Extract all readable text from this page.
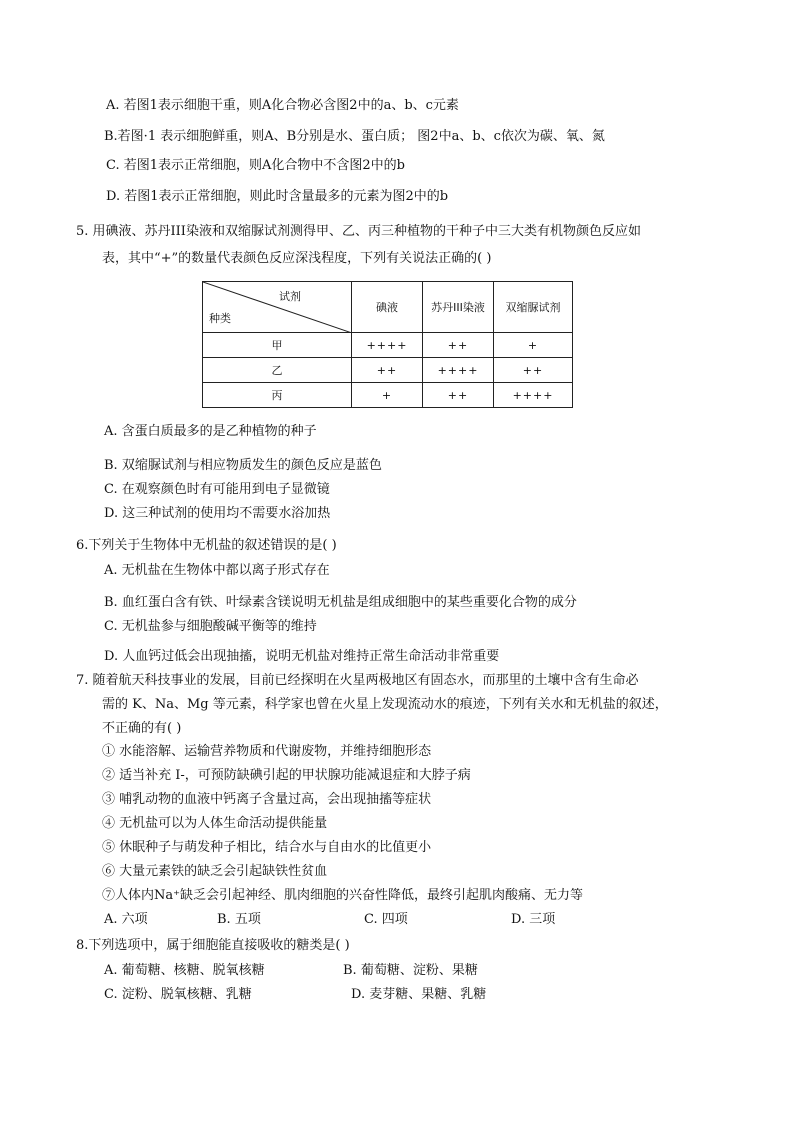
A. 若图1表示细胞干重，则A化合物必含图2中的a、b、c元素
B.若图·1 表示细胞鲜重，则A、B分别是水、蛋白质； 图2中a、b、c依次为碳、氧、氮
C. 若图1表示正常细胞，则A化合物中不含图2中的b
D. 若图1表示正常细胞，则此时含量最多的元素为图2中的b
5. 用碘液、苏丹III染液和双缩脲试剂测得甲、乙、丙三种植物的干种子中三大类有机物颜色反应如
表，其中“+”的数量代表颜色反应深浅程度，下列有关说法正确的( )
试剂
种类	碘液	苏丹III染液	双缩脲试剂
甲	++++	++	+
乙	++	++++	++
丙	+	++	++++
A. 含蛋白质最多的是乙种植物的种子
B. 双缩脲试剂与相应物质发生的颜色反应是蓝色
C. 在观察颜色时有可能用到电子显微镜
D. 这三种试剂的使用均不需要水浴加热
6.下列关于生物体中无机盐的叙述错误的是( )
A. 无机盐在生物体中都以离子形式存在
B. 血红蛋白含有铁、叶绿素含镁说明无机盐是组成细胞中的某些重要化合物的成分
C. 无机盐参与细胞酸碱平衡等的维持
D. 人血钙过低会出现抽搐，说明无机盐对维持正常生命活动非常重要
7. 随着航天科技事业的发展，目前已经探明在火星两极地区有固态水，而那里的土壤中含有生命必
需的 K、Na、Mg 等元素，科学家也曾在火星上发现流动水的痕迹，下列有关水和无机盐的叙述，
不正确的有( )
① 水能溶解、运输营养物质和代谢废物，并维持细胞形态
② 适当补充 I-，可预防缺碘引起的甲状腺功能减退症和大脖子病
③ 哺乳动物的血液中钙离子含量过高，会出现抽搐等症状
④ 无机盐可以为人体生命活动提供能量
⑤ 休眠种子与萌发种子相比，结合水与自由水的比值更小
⑥ 大量元素铁的缺乏会引起缺铁性贫血
⑦人体内Na⁺缺乏会引起神经、肌肉细胞的兴奋性降低，最终引起肌肉酸痛、无力等
A. 六项	B. 五项	C. 四项	D. 三项
8.下列选项中，属于细胞能直接吸收的糖类是( )
A. 葡萄糖、核糖、脱氧核糖	B. 葡萄糖、淀粉、果糖
C. 淀粉、脱氧核糖、乳糖	D. 麦芽糖、果糖、乳糖
